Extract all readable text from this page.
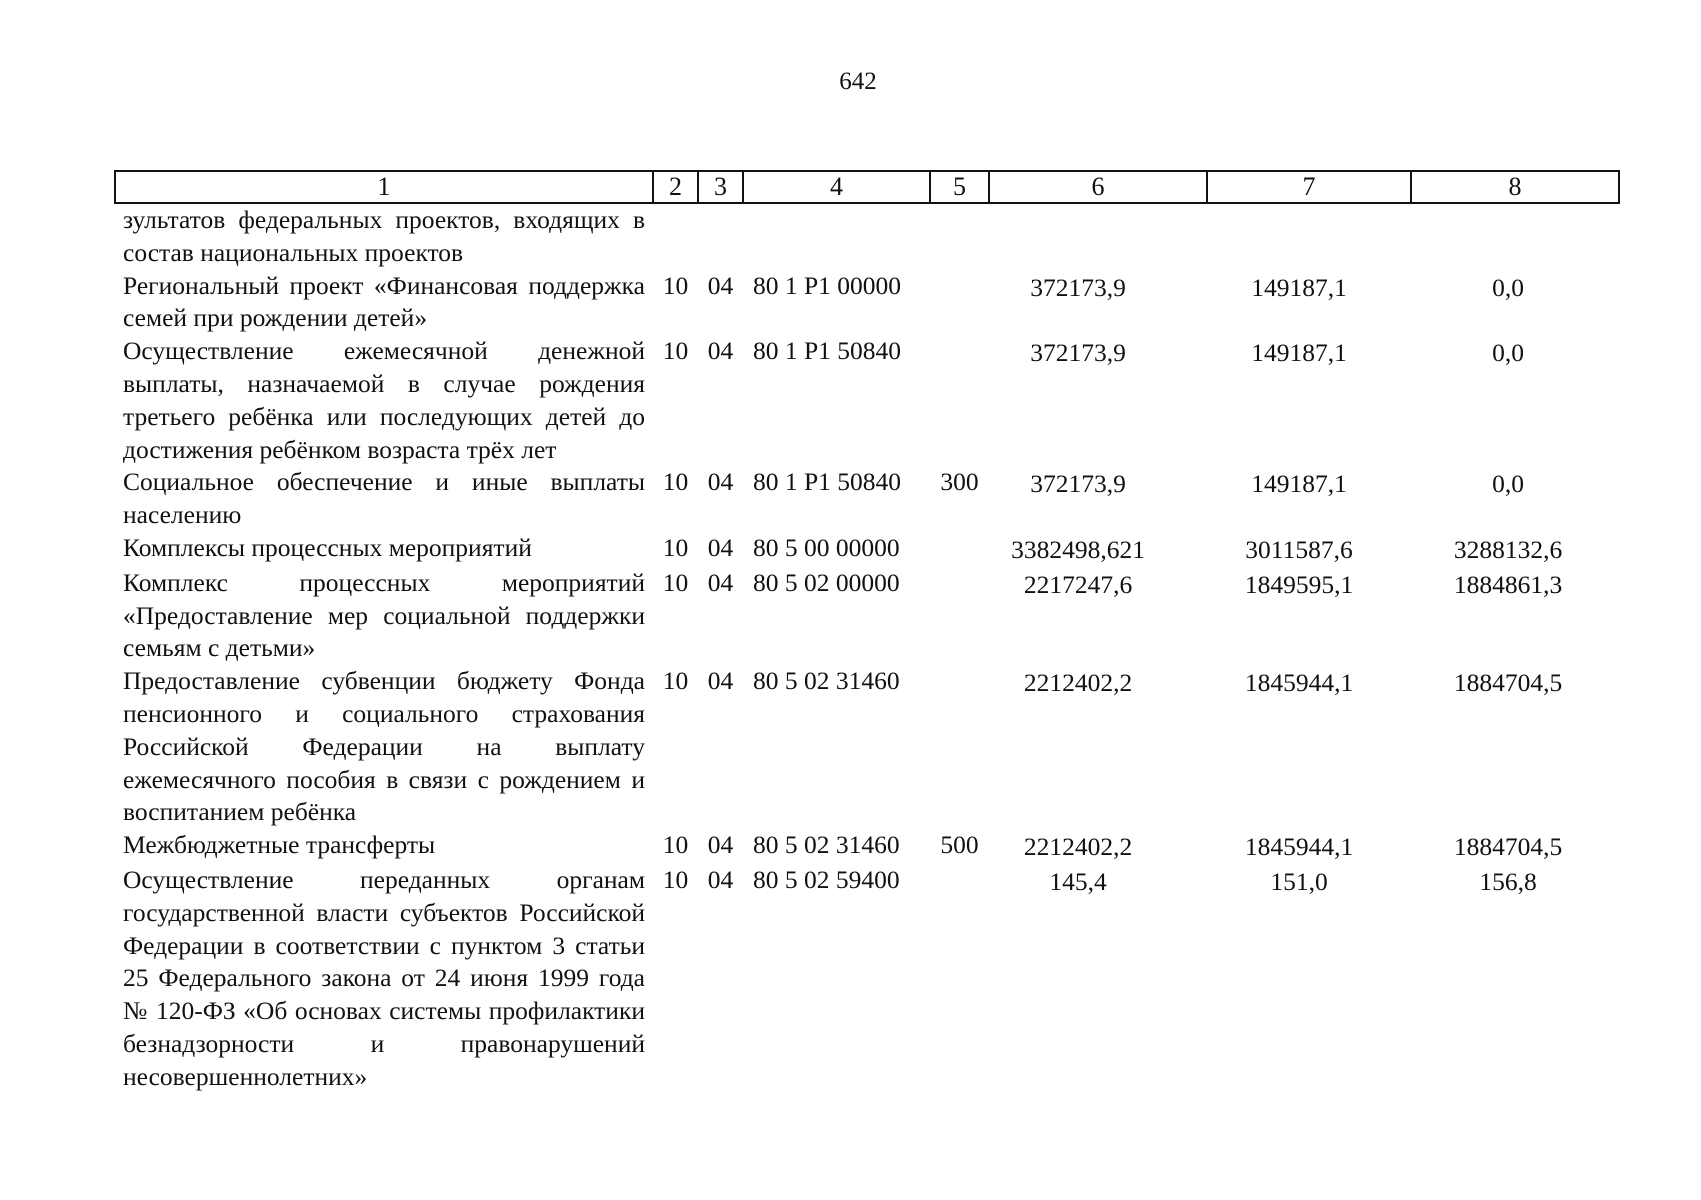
642
1	2	3	4	5	6	7	8
зультатов федеральных проектов, входящих в состав национальных проектов							
Региональный проект «Финансовая поддержка семей при рождении детей»	10	04	80 1 Р1 00000		372173,9	149187,1	0,0
Осуществление ежемесячной денежной выплаты, назначаемой в случае рождения третьего ребёнка или последующих детей до достижения ребёнком возраста трёх лет	10	04	80 1 Р1 50840		372173,9	149187,1	0,0
Социальное обеспечение и иные выплаты населению	10	04	80 1 Р1 50840	300	372173,9	149187,1	0,0
Комплексы процессных мероприятий	10	04	80 5 00 00000		3382498,621	3011587,6	3288132,6
Комплекс процессных мероприятий «Предоставление мер социальной поддержки семьям с детьми»	10	04	80 5 02 00000		2217247,6	1849595,1	1884861,3
Предоставление субвенции бюджету Фонда пенсионного и социального страхования Российской Федерации на выплату ежемесячного пособия в связи с рождением и воспитанием ребёнка	10	04	80 5 02 31460		2212402,2	1845944,1	1884704,5
Межбюджетные трансферты	10	04	80 5 02 31460	500	2212402,2	1845944,1	1884704,5
Осуществление переданных органам государственной власти субъектов Российской Федерации в соответствии с пунктом 3 статьи 25 Федерального закона от 24 июня 1999 года № 120-ФЗ «Об основах системы профилактики безнадзорности и правонарушений несовершеннолетних»	10	04	80 5 02 59400		145,4	151,0	156,8
